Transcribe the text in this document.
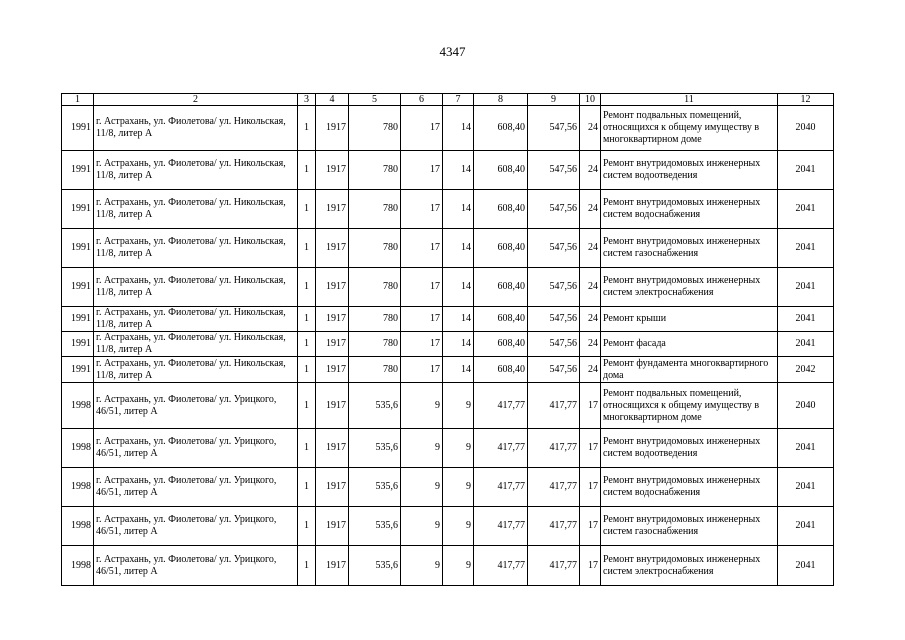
4347
1	2	3	4	5	6	7	8	9	10	11	12
1991	г. Астрахань, ул. Фиолетова/ ул. Никольская, 11/8, литер А	1	1917	780	17	14	608,40	547,56	24	Ремонт подвальных помещений, относящихся к общему имуществу в многоквартирном доме	2040
1991	г. Астрахань, ул. Фиолетова/ ул. Никольская, 11/8, литер А	1	1917	780	17	14	608,40	547,56	24	Ремонт внутридомовых инженерных систем водоотведения	2041
1991	г. Астрахань, ул. Фиолетова/ ул. Никольская, 11/8, литер А	1	1917	780	17	14	608,40	547,56	24	Ремонт внутридомовых инженерных систем водоснабжения	2041
1991	г. Астрахань, ул. Фиолетова/ ул. Никольская, 11/8, литер А	1	1917	780	17	14	608,40	547,56	24	Ремонт внутридомовых инженерных систем газоснабжения	2041
1991	г. Астрахань, ул. Фиолетова/ ул. Никольская, 11/8, литер А	1	1917	780	17	14	608,40	547,56	24	Ремонт внутридомовых инженерных систем электроснабжения	2041
1991	г. Астрахань, ул. Фиолетова/ ул. Никольская, 11/8, литер А	1	1917	780	17	14	608,40	547,56	24	Ремонт крыши	2041
1991	г. Астрахань, ул. Фиолетова/ ул. Никольская, 11/8, литер А	1	1917	780	17	14	608,40	547,56	24	Ремонт фасада	2041
1991	г. Астрахань, ул. Фиолетова/ ул. Никольская, 11/8, литер А	1	1917	780	17	14	608,40	547,56	24	Ремонт фундамента многоквартирного дома	2042
1998	г. Астрахань, ул. Фиолетова/ ул. Урицкого, 46/51, литер А	1	1917	535,6	9	9	417,77	417,77	17	Ремонт подвальных помещений, относящихся к общему имуществу в многоквартирном доме	2040
1998	г. Астрахань, ул. Фиолетова/ ул. Урицкого, 46/51, литер А	1	1917	535,6	9	9	417,77	417,77	17	Ремонт внутридомовых инженерных систем водоотведения	2041
1998	г. Астрахань, ул. Фиолетова/ ул. Урицкого, 46/51, литер А	1	1917	535,6	9	9	417,77	417,77	17	Ремонт внутридомовых инженерных систем водоснабжения	2041
1998	г. Астрахань, ул. Фиолетова/ ул. Урицкого, 46/51, литер А	1	1917	535,6	9	9	417,77	417,77	17	Ремонт внутридомовых инженерных систем газоснабжения	2041
1998	г. Астрахань, ул. Фиолетова/ ул. Урицкого, 46/51, литер А	1	1917	535,6	9	9	417,77	417,77	17	Ремонт внутридомовых инженерных систем электроснабжения	2041
